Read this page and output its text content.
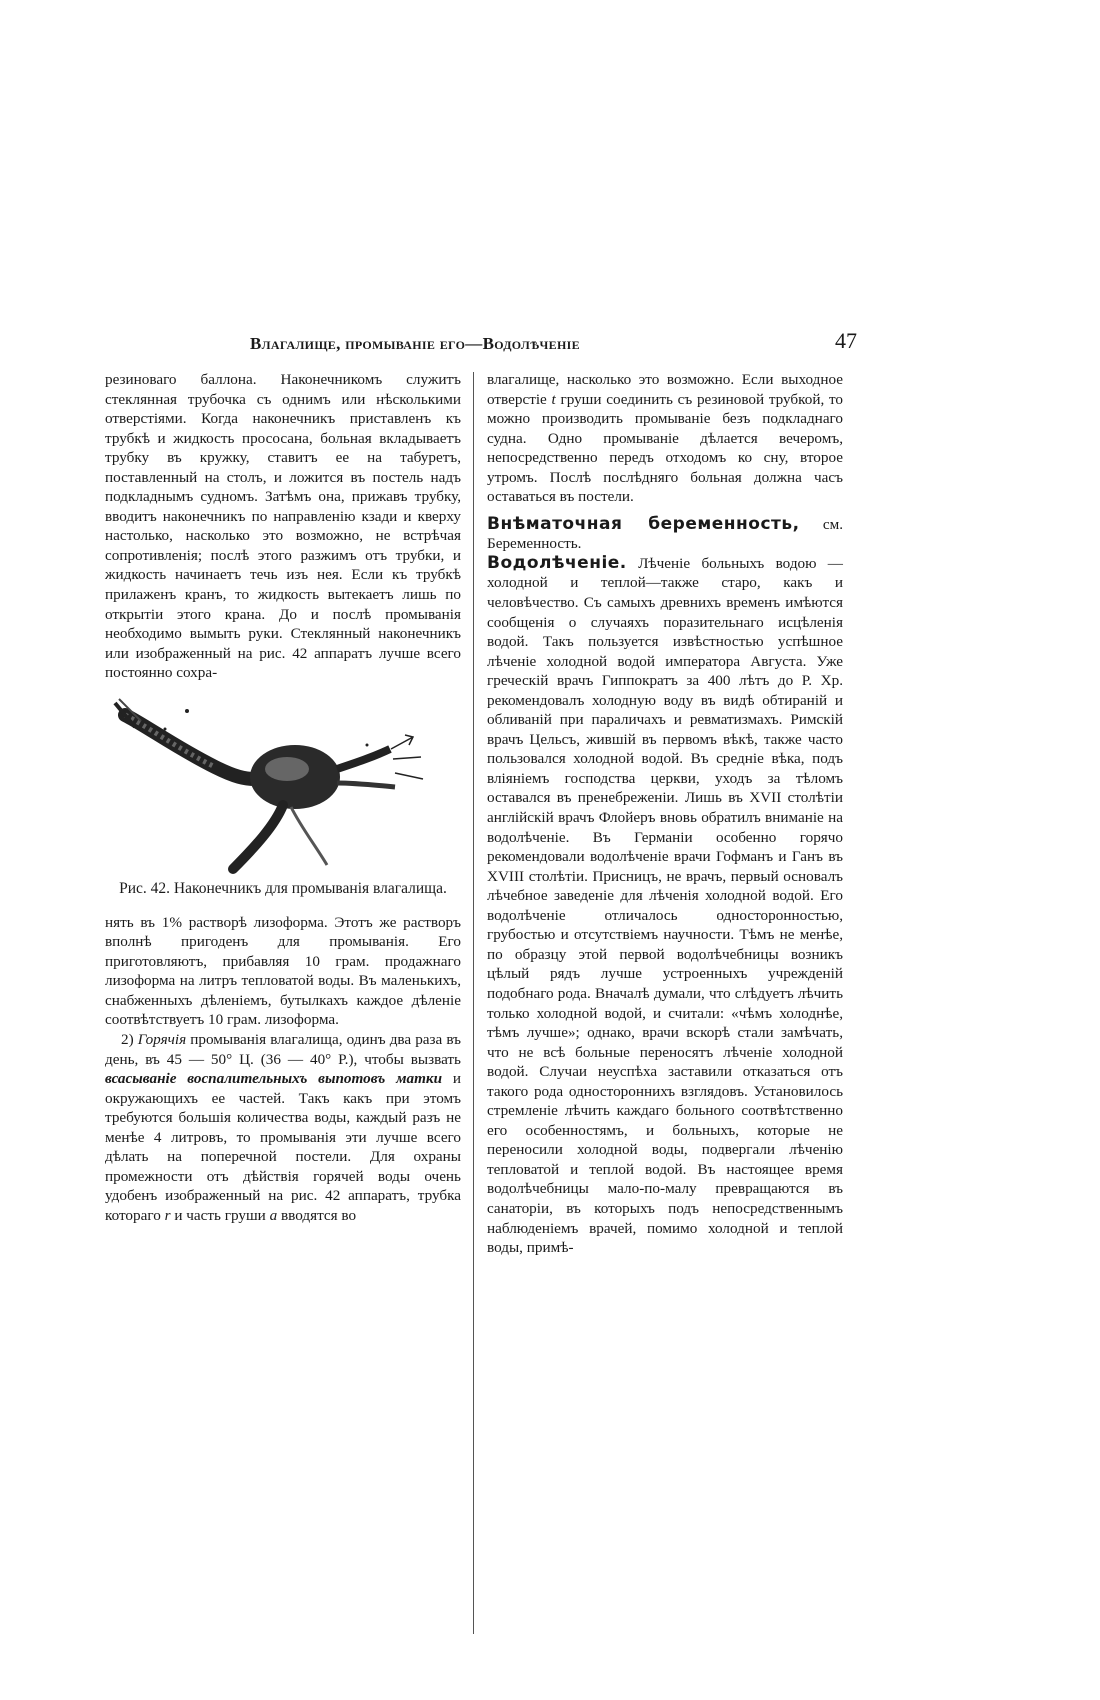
Влагалище, промываніе его—Водолѣченіе	47

резиноваго баллона. Наконечникомъ служитъ стеклянная трубочка съ однимъ или нѣсколькими отверстіями. Когда наконечникъ приставленъ къ трубкѣ и жидкость прососана, больная вкладываетъ трубку въ кружку, ставитъ ее на табуретъ, поставленный на столъ, и ложится въ постель надъ подкладнымъ судномъ. Затѣмъ она, прижавъ трубку, вводитъ наконечникъ по направленію кзади и кверху настолько, насколько это возможно, не встрѣчая сопротивленія; послѣ этого разжимъ отъ трубки, и жидкость начинаетъ течь изъ нея. Если къ трубкѣ прилаженъ кранъ, то жидкость вытекаетъ лишь по открытіи этого крана. До и послѣ промыванія необходимо вымыть руки. Стеклянный наконечникъ или изображенный на рис. 42 аппаратъ лучше всего постоянно сохра-

Рис. 42. Наконечникъ для промыванія влагалища.

нять въ 1% растворѣ лизоформа. Этотъ же растворъ вполнѣ пригоденъ для промыванія. Его приготовляютъ, прибавляя 10 грам. продажнаго лизоформа на литръ тепловатой воды. Въ маленькихъ, снабженныхъ дѣленіемъ, бутылкахъ каждое дѣленіе соотвѣтствуетъ 10 грам. лизоформа.

2) Горячія промыванія влагалища, одинъ два раза въ день, въ 45 — 50° Ц. (36 — 40° Р.), чтобы вызвать всасываніе воспалительныхъ выпотовъ матки и окружающихъ ее частей. Такъ какъ при этомъ требуются большія количества воды, каждый разъ не менѣе 4 литровъ, то промыванія эти лучше всего дѣлать на поперечной постели. Для охраны промежности отъ дѣйствія горячей воды очень удобенъ изображенный на рис. 42 аппаратъ, трубка котораго r и часть груши a вводятся во

влагалище, насколько это возможно. Если выходное отверстіе t груши соединить съ резиновой трубкой, то можно производить промываніе безъ подкладнаго судна. Одно промываніе дѣлается вечеромъ, непосредственно передъ отходомъ ко сну, второе утромъ. Послѣ послѣдняго больная должна часъ оставаться въ постели.

Внѣматочная беременность, см. Беременность.

Водолѣченіе. Лѣченіе больныхъ водою — холодной и теплой—также старо, какъ и человѣчество. Съ самыхъ древнихъ временъ имѣются сообщенія о случаяхъ поразительнаго исцѣленія водой. Такъ пользуется извѣстностью успѣшное лѣченіе холодной водой императора Августа. Уже греческій врачъ Гиппократъ за 400 лѣтъ до Р. Хр. рекомендовалъ холодную воду въ видѣ обтираній и обливаній при параличахъ и ревматизмахъ. Римскій врачъ Цельсъ, жившій въ первомъ вѣкѣ, также часто пользовался холодной водой. Въ средніе вѣка, подъ вліяніемъ господства церкви, уходъ за тѣломъ оставался въ пренебреженіи. Лишь въ XVII столѣтіи англійскій врачъ Флойеръ вновь обратилъ вниманіе на водолѣченіе. Въ Германіи особенно горячо рекомендовали водолѣченіе врачи Гофманъ и Ганъ въ XVIII столѣтіи. Присницъ, не врачъ, первый основалъ лѣчебное заведеніе для лѣченія холодной водой. Его водолѣченіе отличалось односторонностью, грубостью и отсутствіемъ научности. Тѣмъ не менѣе, по образцу этой первой водолѣчебницы возникъ цѣлый рядъ лучше устроенныхъ учрежденій подобнаго рода. Вначалѣ думали, что слѣдуетъ лѣчить только холодной водой, и считали: «чѣмъ холоднѣе, тѣмъ лучше»; однако, врачи вскорѣ стали замѣчать, что не всѣ больные переносятъ лѣченіе холодной водой. Случаи неуспѣха заставили отказаться отъ такого рода одностороннихъ взглядовъ. Установилось стремленіе лѣчить каждаго больного соотвѣтственно его особенностямъ, и больныхъ, которые не переносили холодной воды, подвергали лѣченію тепловатой и теплой водой. Въ настоящее время водолѣчебницы мало-по-малу превращаются въ санаторіи, въ которыхъ подъ непосредственнымъ наблюденіемъ врачей, помимо холодной и теплой воды, примѣ-
